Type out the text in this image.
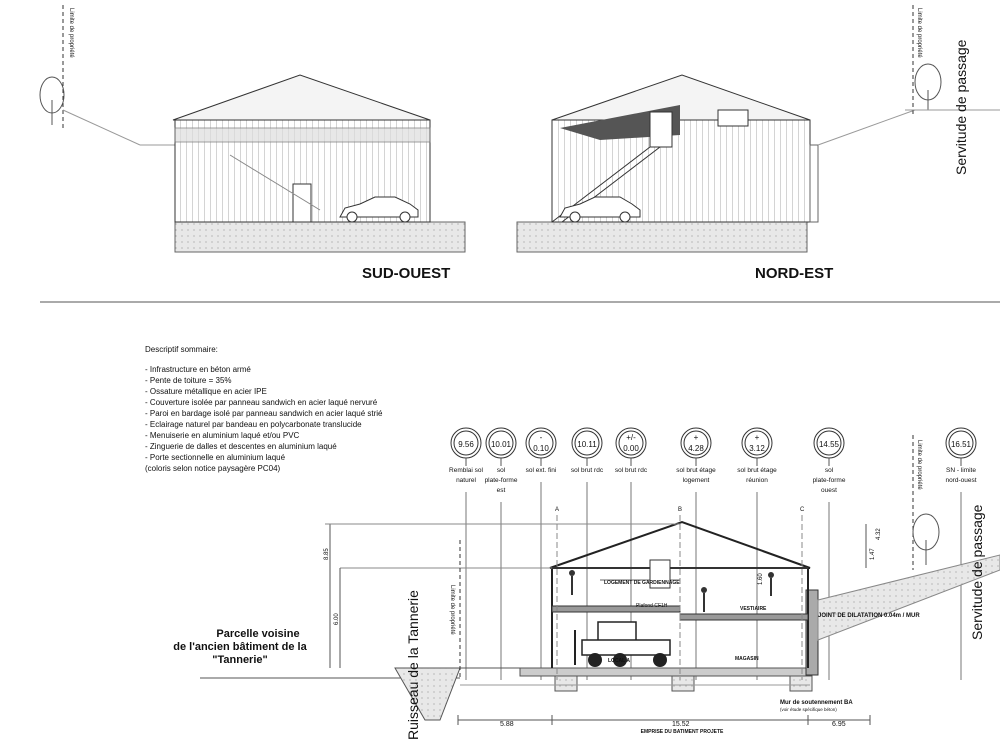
Limite de propriété
SUD-OUEST	NORD-EST
Limite de propriété
Servitude de passage
Descriptif sommaire:
- Infrastructure en béton armé
- Pente de toiture = 35%
- Ossature métallique en acier IPE
- Couverture isolée par panneau sandwich en acier laqué nervuré
- Paroi en bardage isolé par panneau sandwich en acier laqué strié
- Eclairage naturel par bandeau en polycarbonate translucide
- Menuiserie en aluminium laqué et/ou PVC
- Zinguerie de dalles et descentes en aluminium laqué
- Porte sectionnelle en aluminium laqué
(coloris selon notice paysagère PC04)
9.56
Remblai sol naturel
10.01
sol plate-forme est
-
0.10
sol ext. fini
10.11
sol brut rdc
+/-
0.00
sol brut rdc
+
4.28
sol brut étage logement
+
3.12
sol brut étage réunion
14.55
sol plate-forme ouest
16.51
SN - limite nord-ouest
A	B	C
LOGEMENT DE GARDIENNAGE
Plafond CF1H	VESTIAIRE
LOCAL A	MAGASIN
JOINT DE DILATATION 0.04m / MUR
Mur de soutennement BA
(voir étude spécifique béton)
8.85
6.00
4.32
1.47
1.60
Limite de propriété
Ruisseau de la Tannerie
Parcelle voisine
de l'ancien bâtiment de la
"Tannerie"
Limite de propriété
Servitude de passage
5.88	15.52	6.95
EMPRISE DU BATIMENT PROJETE
